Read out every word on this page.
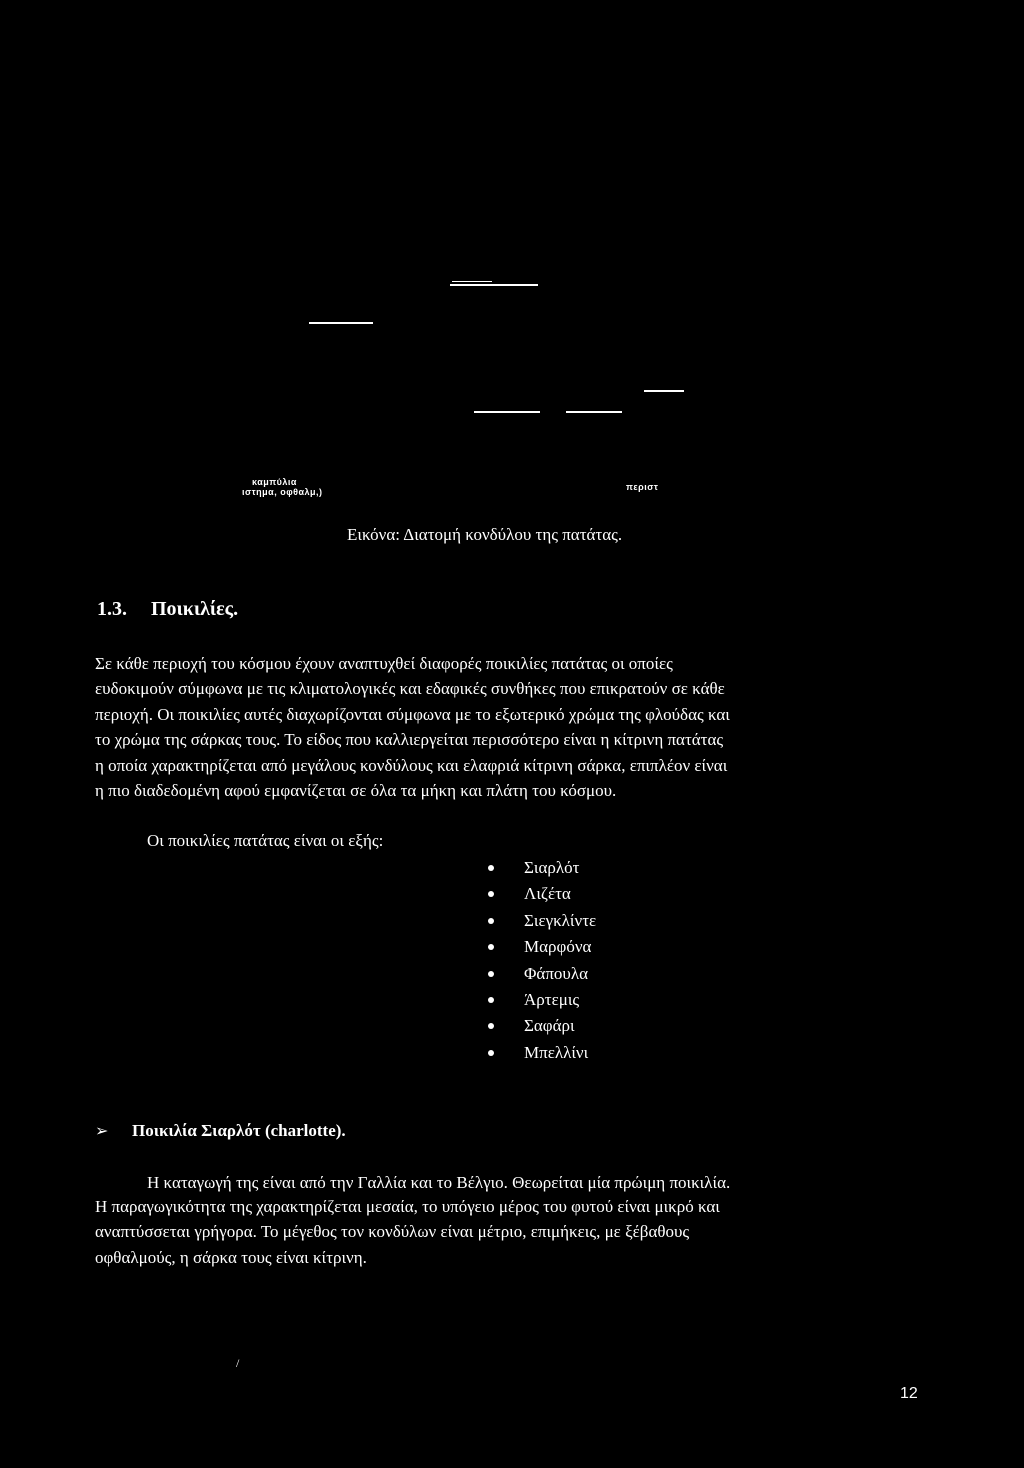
καμπύλια
ιστημα, οφθαλμ,)	περιστ
Εικόνα: Διατομή κονδύλου της πατάτας.
1.3. Ποικιλίες.

Σε κάθε περιοχή του κόσμου έχουν αναπτυχθεί διαφορές ποικιλίες πατάτας οι οποίες
ευδοκιμούν σύμφωνα με τις κλιματολογικές και εδαφικές συνθήκες που επικρατούν σε κάθε
περιοχή. Οι ποικιλίες αυτές διαχωρίζονται σύμφωνα με το εξωτερικό χρώμα της φλούδας και
το χρώμα της σάρκας τους. Το είδος που καλλιεργείται περισσότερο είναι η κίτρινη πατάτας
η οποία χαρακτηρίζεται από μεγάλους κονδύλους και ελαφριά κίτρινη σάρκα, επιπλέον είναι
η πιο διαδεδομένη αφού εμφανίζεται σε όλα τα μήκη και πλάτη του κόσμου.

Οι ποικιλίες πατάτας είναι οι εξής:
Σιαρλότ
Λιζέτα
Σιεγκλίντε
Μαρφόνα
Φάπουλα
Άρτεμις
Σαφάρι
Μπελλίνι
➢ Ποικιλία Σιαρλότ (charlotte).
Η καταγωγή της είναι από την Γαλλία και το Βέλγιο. Θεωρείται μία πρώιμη ποικιλία.

Η παραγωγικότητα της χαρακτηρίζεται μεσαία, το υπόγειο μέρος του φυτού είναι μικρό και
αναπτύσσεται γρήγορα. Το μέγεθος τον κονδύλων είναι μέτριο, επιμήκεις, με ξέβαθους
οφθαλμούς, η σάρκα τους είναι κίτρινη.

/
12
